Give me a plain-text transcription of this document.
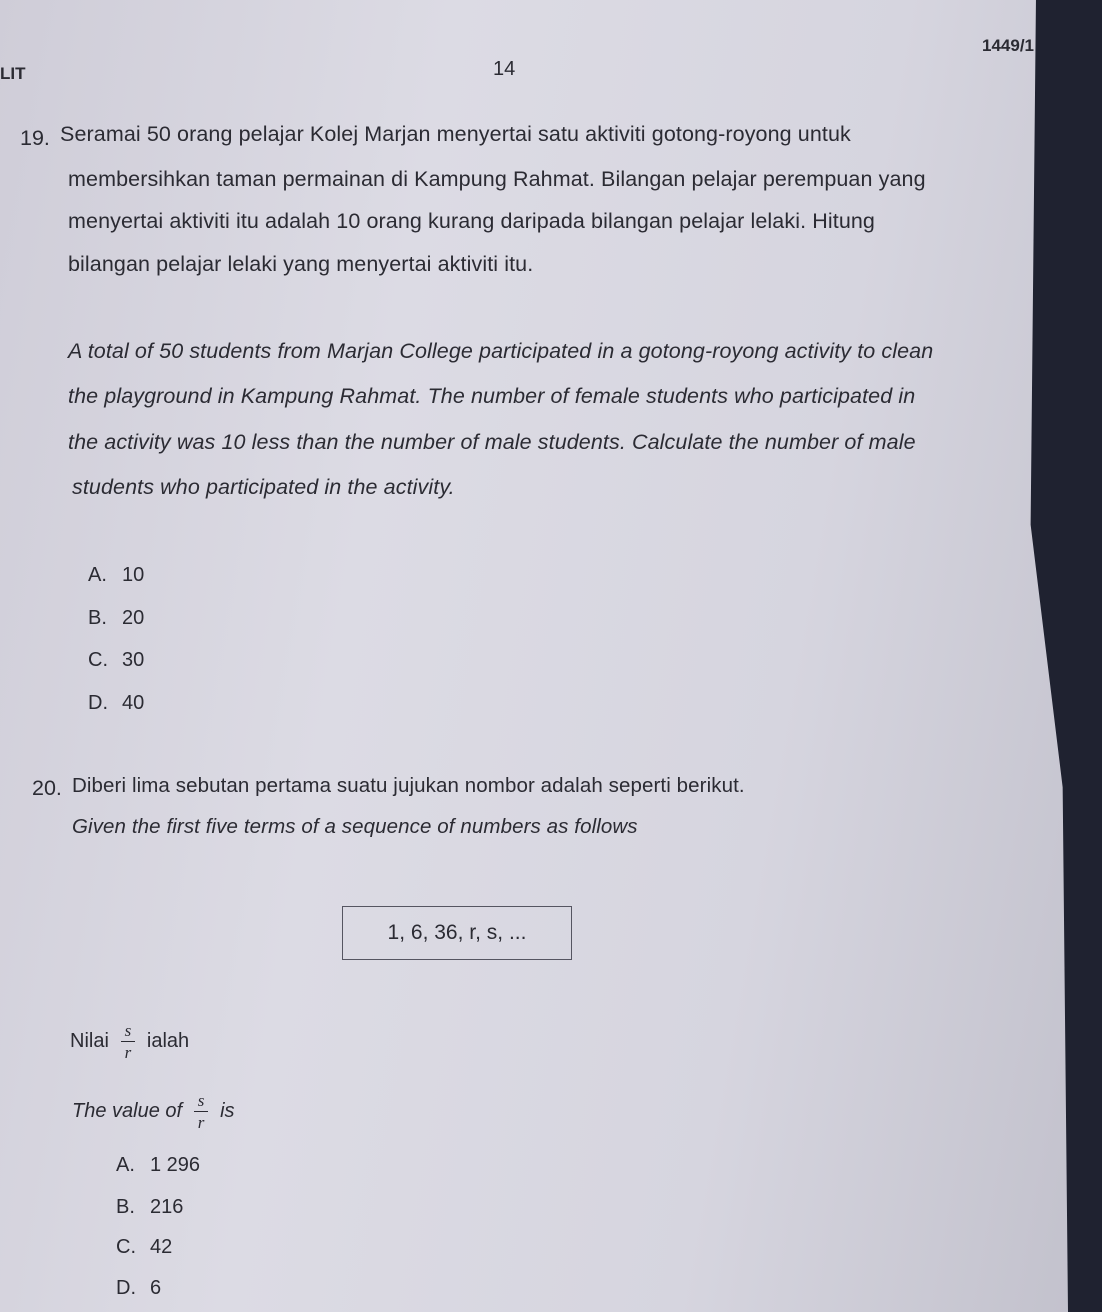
LIT	14
1449/1
19. Seramai 50 orang pelajar Kolej Marjan menyertai satu aktiviti gotong-royong untuk
membersihkan taman permainan di Kampung Rahmat. Bilangan pelajar perempuan yang
menyertai aktiviti itu adalah 10 orang kurang daripada bilangan pelajar lelaki. Hitung
bilangan pelajar lelaki yang menyertai aktiviti itu.
A total of 50 students from Marjan College participated in a gotong-royong activity to clean
the playground in Kampung Rahmat. The number of female students who participated in
the activity was 10 less than the number of male students. Calculate the number of male
students who participated in the activity.
A. 10
B. 20
C. 30
D. 40
20. Diberi lima sebutan pertama suatu jujukan nombor adalah seperti berikut.
Given the first five terms of a sequence of numbers as follows
1, 6, 36, r, s, ...
Nilai $\frac{s}{r}$ ialah
The value of $\frac{s}{r}$ is
A. 1 296
B. 216
C. 42
D. 6
